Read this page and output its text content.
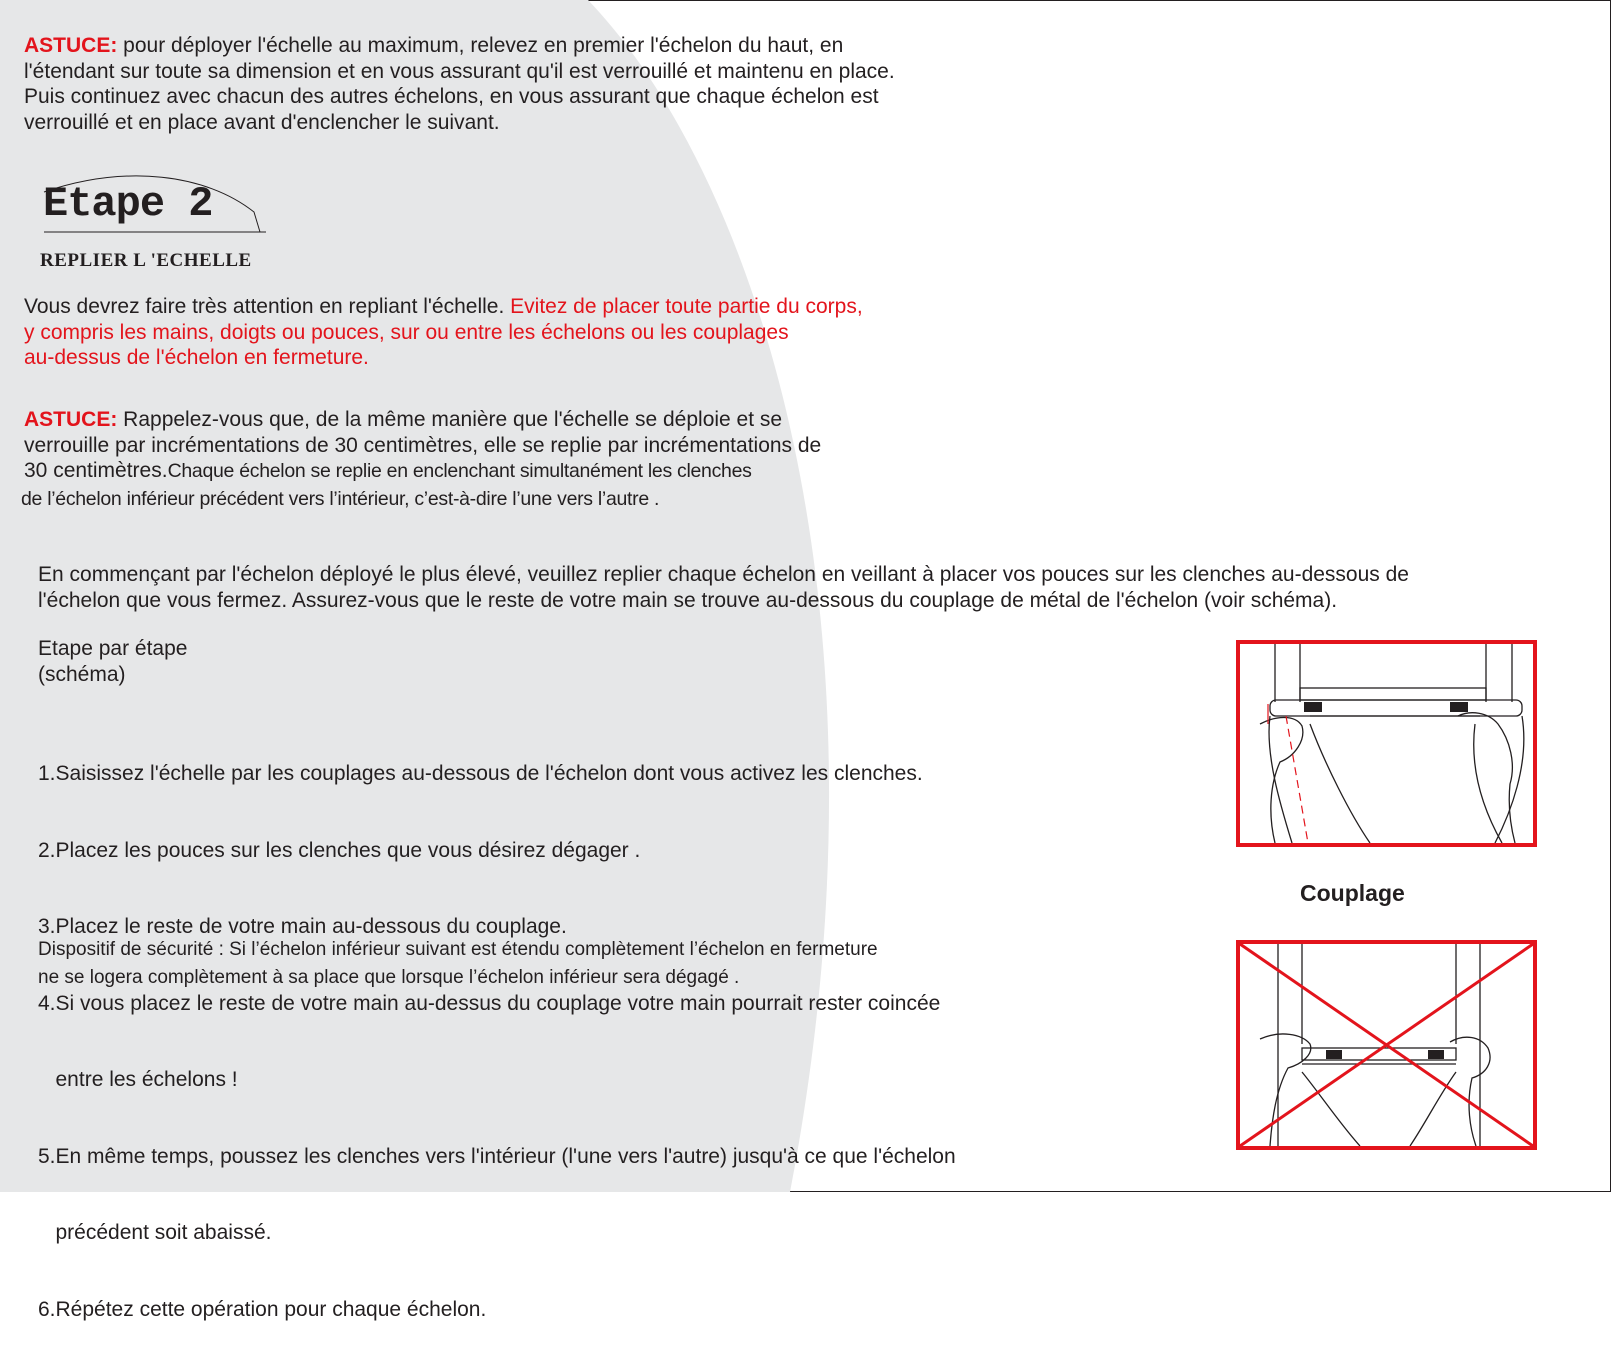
ASTUCE: pour déployer l'échelle au maximum, relevez en premier l'échelon du haut, en
l'étendant sur toute sa dimension et en vous assurant qu'il est verrouillé et maintenu en place.
Puis continuez avec chacun des autres échelons, en vous assurant que chaque échelon est
verrouillé et en place avant d'enclencher le suivant.
Etape 2
REPLIER L 'ECHELLE
Vous devrez faire très attention en repliant l'échelle. Evitez de placer toute partie du corps,
y compris les mains, doigts ou pouces, sur ou entre les échelons ou les couplages
au-dessus de l'échelon en fermeture.
ASTUCE: Rappelez-vous que, de la même manière que l'échelle se déploie et se
verrouille par incrémentations de 30 centimètres, elle se replie par incrémentations de
30 centimètres.Chaque échelon se replie en enclenchant simultanément les clenches
de l’échelon inférieur précédent vers l’intérieur, c’est-à-dire l’une vers l’autre .
En commençant par l'échelon déployé le plus élevé, veuillez replier chaque échelon en veillant à placer vos pouces sur les clenches au-dessous de
l'échelon que vous fermez. Assurez-vous que le reste de votre main se trouve au-dessous du couplage de métal de l'échelon (voir schéma).
Etape par étape
(schéma)

1.Saisissez l'échelle par les couplages au-dessous de l'échelon dont vous activez les clenches.

2.Placez les pouces sur les clenches que vous désirez dégager .

3.Placez le reste de votre main au-dessous du couplage.

4.Si vous placez le reste de votre main au-dessus du couplage votre main pourrait rester coincée

entre les échelons !

5.En même temps, poussez les clenches vers l'intérieur (l'une vers l'autre) jusqu'à ce que l'échelon

précédent soit abaissé.

6.Répétez cette opération pour chaque échelon.

Dispositif de sécurité : Si l’échelon inférieur suivant est étendu complètement l’échelon en fermeture
ne se logera complètement à sa place que lorsque l’échelon inférieur sera dégagé .
Couplage
